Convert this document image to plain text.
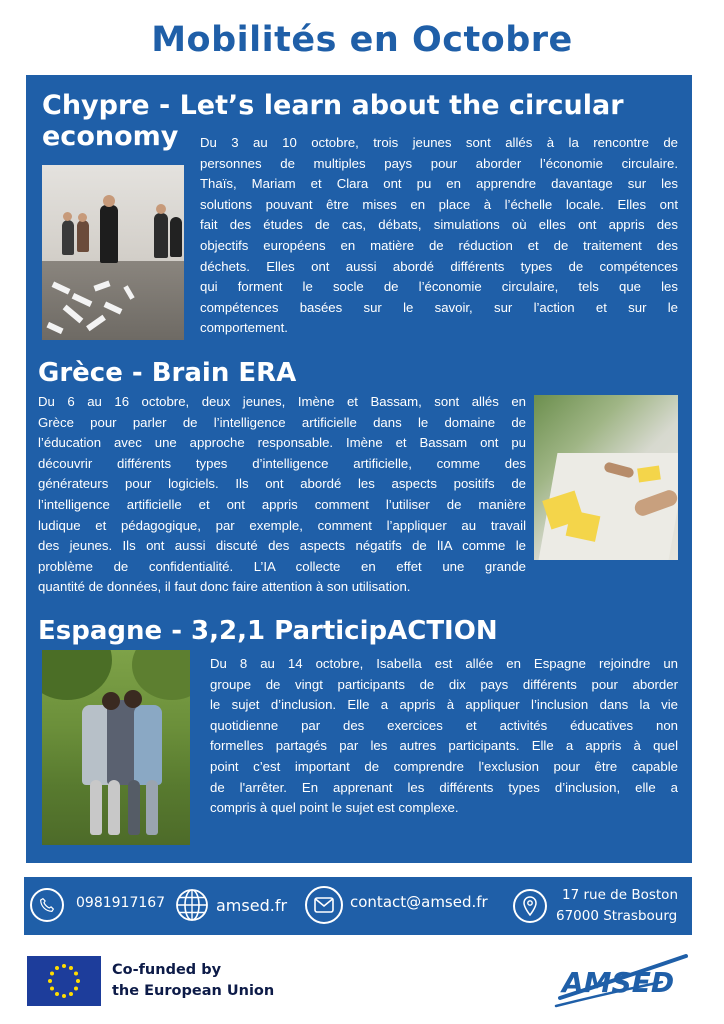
Mobilités en Octobre
Chypre - Let’s learn about the circular
economy Du 3 au 10 octobre, trois jeunes sont allés à la rencontre de
personnes de multiples pays pour aborder l’économie circulaire.
Thaïs, Mariam et Clara ont pu en apprendre davantage sur les
solutions pouvant être mises en place à l’échelle locale. Elles ont
fait des études de cas, débats, simulations où elles ont appris des
objectifs européens en matière de réduction et de traitement des
déchets. Elles ont aussi abordé différents types de compétences
qui forment le socle de l’économie circulaire, tels que les
compétences basées sur le savoir, sur l’action et sur le
comportement.
Grèce - Brain ERA
Du 6 au 16 octobre, deux jeunes, Imène et Bassam, sont allés en
Grèce pour parler de l’intelligence artificielle dans le domaine de
l’éducation avec une approche responsable. Imène et Bassam ont pu
découvrir différents types d’intelligence artificielle, comme des
générateurs pour logiciels. Ils ont abordé les aspects positifs de
l’intelligence artificielle et ont appris comment l’utiliser de manière
ludique et pédagogique, par exemple, comment l’appliquer au travail
des jeunes. Ils ont aussi discuté des aspects négatifs de lIA comme le
problème de confidentialité. L’IA collecte en effet une grande
quantité de données, il faut donc faire attention à son utilisation.
Espagne - 3,2,1 ParticipACTION
Du 8 au 14 octobre, Isabella est allée en Espagne rejoindre un
groupe de vingt participants de dix pays différents pour aborder
le sujet d’inclusion. Elle a appris à appliquer l’inclusion dans la vie
quotidienne par des exercices et activités éducatives non
formelles partagés par les autres participants. Elle a appris à quel
point c’est important de comprendre l'exclusion pour être capable
de l'arrêter. En apprenant les différents types d’inclusion, elle a
compris à quel point le sujet est complexe.
0981917167	amsed.fr	contact@amsed.fr	17 rue de Boston
67000 Strasbourg
Co-funded by
the European Union	AMSED
